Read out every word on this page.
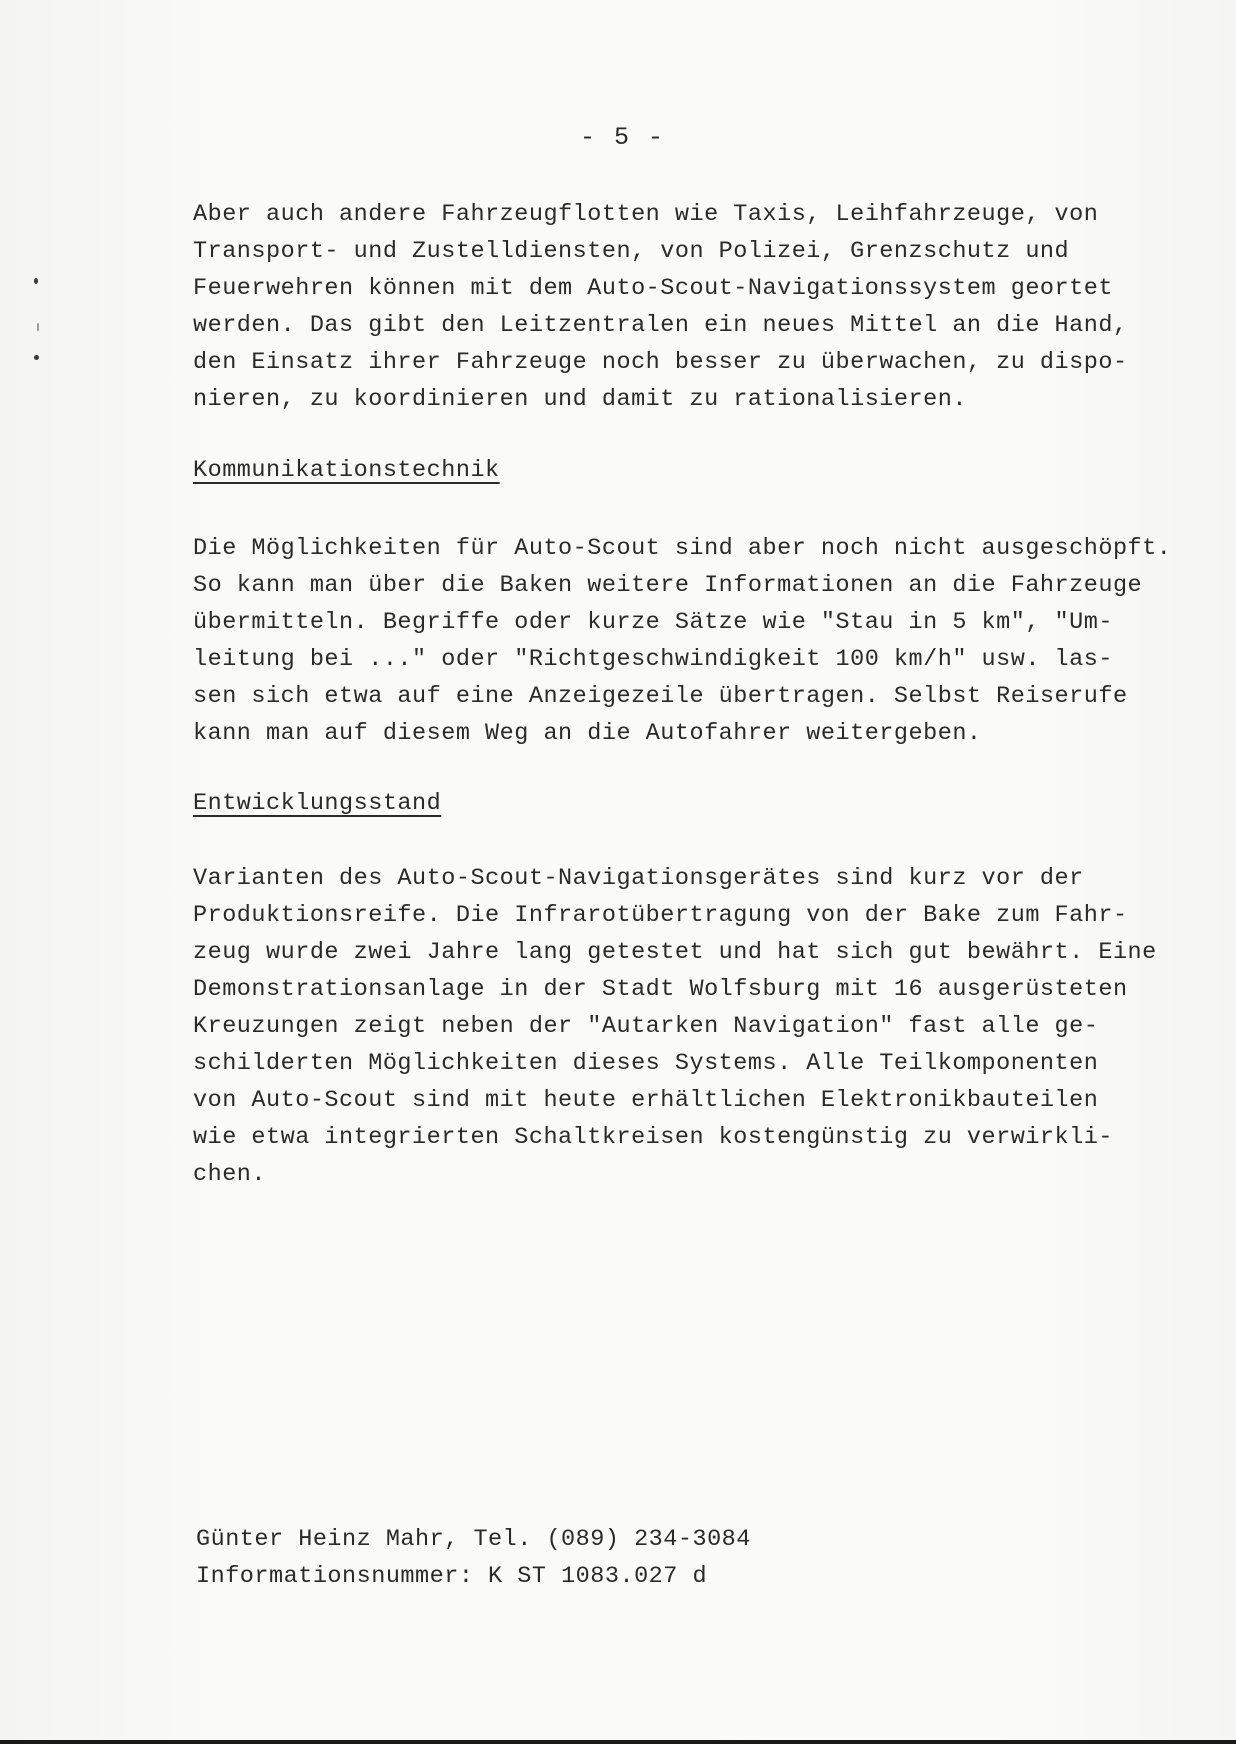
- 5 -
Aber auch andere Fahrzeugflotten wie Taxis, Leihfahrzeuge, von
Transport- und Zustelldiensten, von Polizei, Grenzschutz und
Feuerwehren können mit dem Auto-Scout-Navigationssystem geortet
werden. Das gibt den Leitzentralen ein neues Mittel an die Hand,
den Einsatz ihrer Fahrzeuge noch besser zu überwachen, zu dispo-
nieren, zu koordinieren und damit zu rationalisieren.
Kommunikationstechnik
Die Möglichkeiten für Auto-Scout sind aber noch nicht ausgeschöpft.
So kann man über die Baken weitere Informationen an die Fahrzeuge
übermitteln. Begriffe oder kurze Sätze wie "Stau in 5 km", "Um-
leitung bei ..." oder "Richtgeschwindigkeit 100 km/h" usw. las-
sen sich etwa auf eine Anzeigezeile übertragen. Selbst Reiserufe
kann man auf diesem Weg an die Autofahrer weitergeben.
Entwicklungsstand
Varianten des Auto-Scout-Navigationsgerätes sind kurz vor der
Produktionsreife. Die Infrarotübertragung von der Bake zum Fahr-
zeug wurde zwei Jahre lang getestet und hat sich gut bewährt. Eine
Demonstrationsanlage in der Stadt Wolfsburg mit 16 ausgerüsteten
Kreuzungen zeigt neben der "Autarken Navigation" fast alle ge-
schilderten Möglichkeiten dieses Systems. Alle Teilkomponenten
von Auto-Scout sind mit heute erhältlichen Elektronikbauteilen
wie etwa integrierten Schaltkreisen kostengünstig zu verwirkli-
chen.
Günter Heinz Mahr, Tel. (089) 234-3084
Informationsnummer: K ST 1083.027 d
